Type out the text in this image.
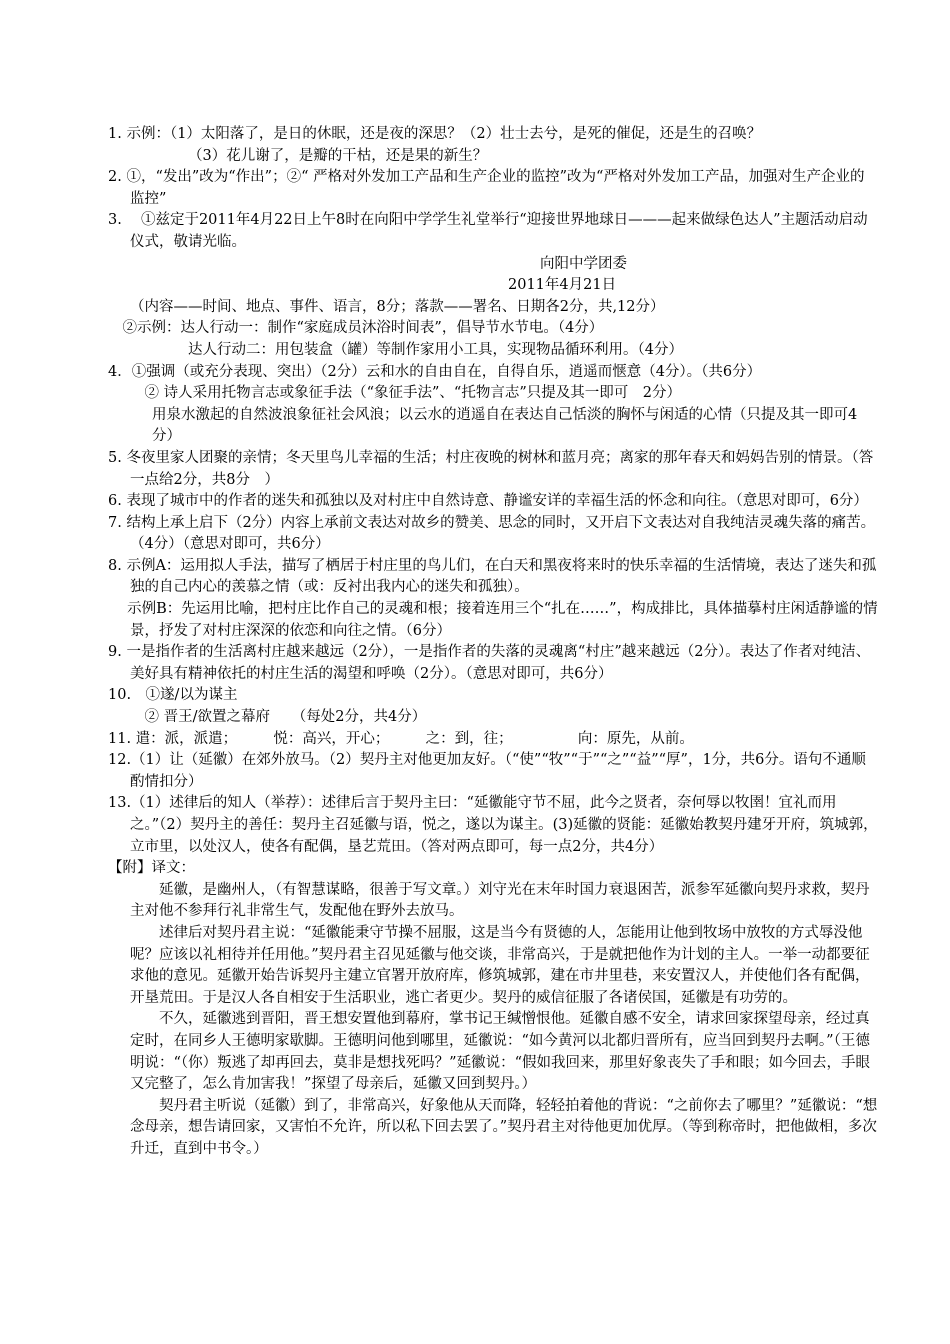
1. 示例：（1）太阳落了，是日的休眠，还是夜的深思？（2）壮士去兮，是死的催促，还是生的召唤？
（3）花儿谢了，是瓣的干枯，还是果的新生？
2. ①，“发出”改为“作出”；②“ 严格对外发加工产品和生产企业的监控”改为“严格对外发加工产品，加强对生产企业的监控”
3.　 ①兹定于2011年4月22日上午8时在向阳中学学生礼堂举行“迎接世界地球日———起来做绿色达人”主题活动启动仪式，敬请光临。
向阳中学团委
2011年4月21日
（内容——时间、地点、事件、语言，8分；落款——署名、日期各2分，共,12分）
　②示例：达人行动一：制作“家庭成员沐浴时间表”，倡导节水节电。（4分）
达人行动二：用包装盒（罐）等制作家用小工具，实现物品循环利用。（4分）
4．①强调（或充分表现、突出）（2分）云和水的自由自在，自得自乐，逍遥而惬意（4分）。（共6分）
　② 诗人采用托物言志或象征手法（“象征手法”、“托物言志”只提及其一即可　2分）
用泉水激起的自然波浪象征社会风浪；以云水的逍遥自在表达自己恬淡的胸怀与闲适的心情（只提及其一即可4分）
5. 冬夜里家人团聚的亲情；冬天里鸟儿幸福的生活；村庄夜晚的树林和蓝月亮；离家的那年春天和妈妈告别的情景。（答一点给2分，共8分　）
6. 表现了城市中的作者的迷失和孤独以及对村庄中自然诗意、静谧安详的幸福生活的怀念和向往。（意思对即可，6分）
7. 结构上承上启下（2分）内容上承前文表达对故乡的赞美、思念的同时，又开启下文表达对自我纯洁灵魂失落的痛苦。（4分）（意思对即可，共6分）
8. 示例A：运用拟人手法，描写了栖居于村庄里的鸟儿们，在白天和黑夜将来时的快乐幸福的生活情境，表达了迷失和孤独的自己内心的羡慕之情（或：反衬出我内心的迷失和孤独）。
　 示例B：先运用比喻，把村庄比作自己的灵魂和根；接着连用三个“扎在……”，构成排比，具体描摹村庄闲适静谧的情景，抒发了对村庄深深的依恋和向往之情。（6分）
9. 一是指作者的生活离村庄越来越远（2分），一是指作者的失落的灵魂离“村庄”越来越远（2分）。表达了作者对纯洁、美好具有精神依托的村庄生活的渴望和呼唤（2分）。（意思对即可，共6分）
10.　①遂/以为谋主
　② 晋王/欲置之幕府　　（每处2分，共4分）
11. 遣：派，派遣；　　　悦：高兴，开心；　　　之：到，往；　　　　　向：原先，从前。
12.（1）让（延徽）在郊外放马。（2）契丹主对他更加友好。（“使”“牧”“于”“之”“益”“厚”，1分，共6分。语句不通顺酌情扣分）
13.（1）述律后的知人（举荐）：述律后言于契丹主曰：“延徽能守节不屈，此今之贤者，奈何辱以牧圉！宜礼而用之。”（2）契丹主的善任：契丹主召延徽与语，悦之，遂以为谋主。(3)延徽的贤能：延徽始教契丹建牙开府，筑城郭，立市里，以处汉人，使各有配偶，垦艺荒田。（答对两点即可，每一点2分，共4分）
【附】译文：
延徽，是幽州人，（有智慧谋略，很善于写文章。）刘守光在末年时国力衰退困苦，派参军延徽向契丹求救，契丹主对他不参拜行礼非常生气，发配他在野外去放马。
述律后对契丹君主说：“延徽能秉守节操不屈服，这是当今有贤德的人，怎能用让他到牧场中放牧的方式辱没他呢？应该以礼相待并任用他。”契丹君主召见延徽与他交谈，非常高兴，于是就把他作为计划的主人。一举一动都要征求他的意见。延徽开始告诉契丹主建立官署开放府库，修筑城郭，建在市井里巷，来安置汉人，并使他们各有配偶，开垦荒田。于是汉人各自相安于生活职业，逃亡者更少。契丹的威信征服了各诸侯国，延徽是有功劳的。
不久，延徽逃到晋阳，晋王想安置他到幕府，掌书记王缄憎恨他。延徽自感不安全，请求回家探望母亲，经过真定时，在同乡人王德明家歇脚。王德明问他到哪里，延徽说：“如今黄河以北都归晋所有，应当回到契丹去啊。”（王德明说：“（你）叛逃了却再回去，莫非是想找死吗？”延徽说：“假如我回来，那里好象丧失了手和眼；如今回去，手眼又完整了，怎么肯加害我！”探望了母亲后，延徽又回到契丹。）
契丹君主听说（延徽）到了，非常高兴，好象他从天而降，轻轻拍着他的背说：“之前你去了哪里？”延徽说：“想念母亲，想告请回家，又害怕不允许，所以私下回去罢了。”契丹君主对待他更加优厚。（等到称帝时，把他做相，多次升迁，直到中书令。）
